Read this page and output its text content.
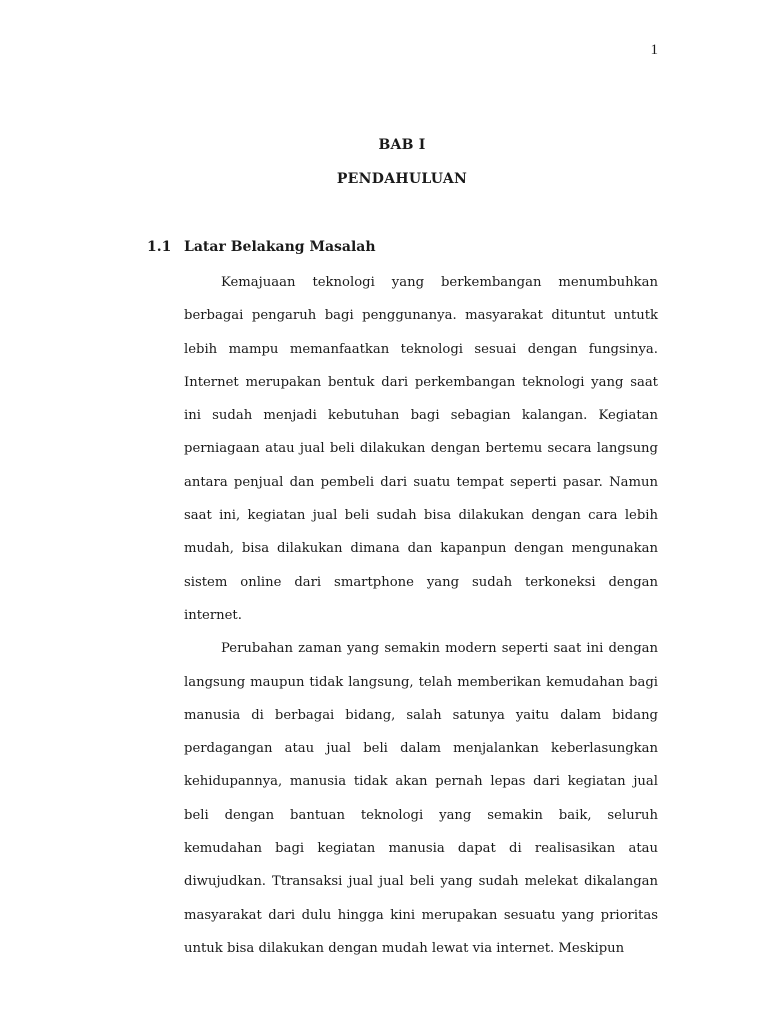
1
BAB I
PENDAHULUAN
1.1 Latar Belakang Masalah

Kemajuaan teknologi yang berkembangan menumbuhkan berbagai pengaruh bagi penggunanya. masyarakat dituntut untutk lebih mampu memanfaatkan teknologi sesuai dengan fungsinya. Internet merupakan bentuk dari perkembangan teknologi yang saat ini sudah menjadi kebutuhan bagi sebagian kalangan. Kegiatan perniagaan atau jual beli dilakukan dengan bertemu secara langsung antara penjual dan pembeli dari suatu tempat seperti pasar. Namun saat ini, kegiatan jual beli sudah bisa dilakukan dengan cara lebih mudah, bisa dilakukan dimana dan kapanpun dengan mengunakan sistem online dari smartphone yang sudah terkoneksi dengan internet.

Perubahan zaman yang semakin modern seperti saat ini dengan langsung maupun tidak langsung, telah memberikan kemudahan bagi manusia di berbagai bidang, salah satunya yaitu dalam bidang perdagangan atau jual beli dalam menjalankan keberlasungkan kehidupannya, manusia tidak akan pernah lepas dari kegiatan jual beli dengan bantuan teknologi yang semakin baik, seluruh kemudahan bagi kegiatan manusia dapat di realisasikan atau diwujudkan. Ttransaksi jual jual beli yang sudah melekat dikalangan masyarakat dari dulu hingga kini merupakan sesuatu yang prioritas untuk bisa dilakukan dengan mudah lewat via internet. Meskipun
